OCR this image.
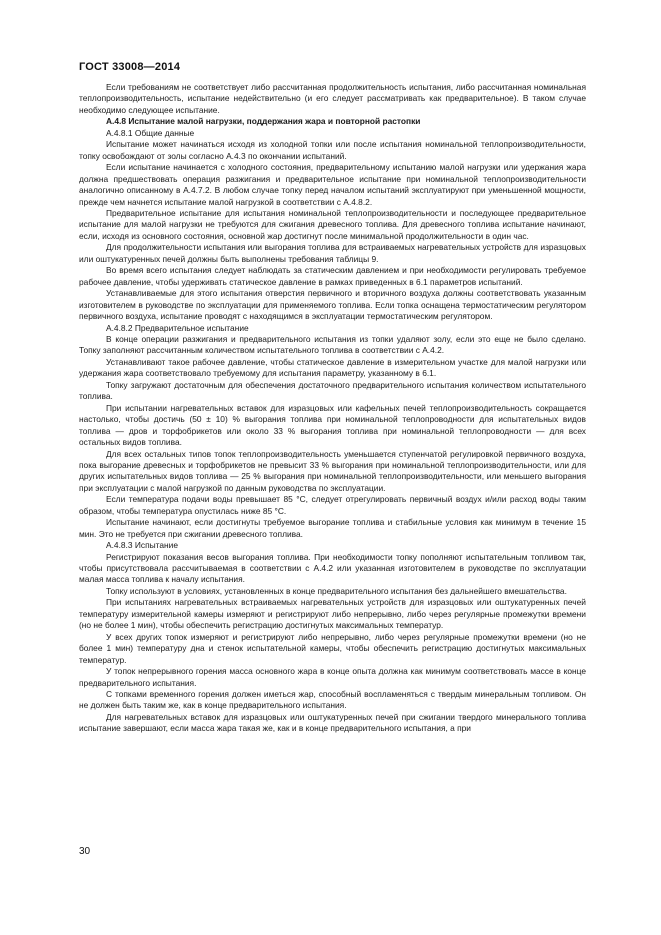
ГОСТ 33008—2014

Если требованиям не соответствует либо рассчитанная продолжительность испытания, либо рассчитанная номинальная теплопроизводительность, испытание недействительно (и его следует рассматривать как предварительное). В таком случае необходимо следующее испытание.

А.4.8 Испытание малой нагрузки, поддержания жара и повторной растопки

А.4.8.1 Общие данные

Испытание может начинаться исходя из холодной топки или после испытания номинальной теплопроизводительности, топку освобождают от золы согласно А.4.3 по окончании испытаний.

Если испытание начинается с холодного состояния, предварительному испытанию малой нагрузки или удержания жара должна предшествовать операция разжигания и предварительное испытание при номинальной теплопроизводительности аналогично описанному в А.4.7.2. В любом случае топку перед началом испытаний эксплуатируют при уменьшенной мощности, прежде чем начнется испытание малой нагрузкой в соответствии с А.4.8.2.

Предварительное испытание для испытания номинальной теплопроизводительности и последующее предварительное испытание для малой нагрузки не требуются для сжигания древесного топлива. Для древесного топлива испытание начинают, если, исходя из основного состояния, основной жар достигнут после минимальной продолжительности в один час.

Для продолжительности испытания или выгорания топлива для встраиваемых нагревательных устройств для изразцовых или оштукатуренных печей должны быть выполнены требования таблицы 9.

Во время всего испытания следует наблюдать за статическим давлением и при необходимости регулировать требуемое рабочее давление, чтобы удерживать статическое давление в рамках приведенных в 6.1 параметров испытаний.

Устанавливаемые для этого испытания отверстия первичного и вторичного воздуха должны соответствовать указанным изготовителем в руководстве по эксплуатации для применяемого топлива. Если топка оснащена термостатическим регулятором первичного воздуха, испытание проводят с находящимся в эксплуатации термостатическим регулятором.

А.4.8.2 Предварительное испытание

В конце операции разжигания и предварительного испытания из топки удаляют золу, если это еще не было сделано. Топку заполняют рассчитанным количеством испытательного топлива в соответствии с А.4.2.

Устанавливают такое рабочее давление, чтобы статическое давление в измерительном участке для малой нагрузки или удержания жара соответствовало требуемому для испытания параметру, указанному в 6.1.

Топку загружают достаточным для обеспечения достаточного предварительного испытания количеством испытательного топлива.

При испытании нагревательных вставок для изразцовых или кафельных печей теплопроизводительность сокращается настолько, чтобы достичь (50 ± 10) % выгорания топлива при номинальной теплопроводности для испытательных видов топлива — дров и торфобрикетов или около 33 % выгорания топлива при номинальной теплопроводности — для всех остальных видов топлива.

Для всех остальных типов топок теплопроизводительность уменьшается ступенчатой регулировкой первичного воздуха, пока выгорание древесных и торфобрикетов не превысит 33 % выгорания при номинальной теплопроизводительности, или для других испытательных видов топлива — 25 % выгорания при номинальной теплопроизводительности, или меньшего выгорания при эксплуатации с малой нагрузкой по данным руководства по эксплуатации.

Если температура подачи воды превышает 85 °С, следует отрегулировать первичный воздух и/или расход воды таким образом, чтобы температура опустилась ниже 85 °С.

Испытание начинают, если достигнуты требуемое выгорание топлива и стабильные условия как минимум в течение 15 мин. Это не требуется при сжигании древесного топлива.

А.4.8.3 Испытание

Регистрируют показания весов выгорания топлива. При необходимости топку пополняют испытательным топливом так, чтобы присутствовала рассчитываемая в соответствии с А.4.2 или указанная изготовителем в руководстве по эксплуатации малая масса топлива к началу испытания.

Топку используют в условиях, установленных в конце предварительного испытания без дальнейшего вмешательства.

При испытаниях нагревательных встраиваемых нагревательных устройств для изразцовых или оштукатуренных печей температуру измерительной камеры измеряют и регистрируют либо непрерывно, либо через регулярные промежутки времени (но не более 1 мин), чтобы обеспечить регистрацию достигнутых максимальных температур.

У всех других топок измеряют и регистрируют либо непрерывно, либо через регулярные промежутки времени (но не более 1 мин) температуру дна и стенок испытательной камеры, чтобы обеспечить регистрацию достигнутых максимальных температур.

У топок непрерывного горения масса основного жара в конце опыта должна как минимум соответствовать массе в конце предварительного испытания.

С топками временного горения должен иметься жар, способный воспламеняться с твердым минеральным топливом. Он не должен быть таким же, как в конце предварительного испытания.

Для нагревательных вставок для изразцовых или оштукатуренных печей при сжигании твердого минерального топлива испытание завершают, если масса жара такая же, как и в конце предварительного испытания, а при

30
